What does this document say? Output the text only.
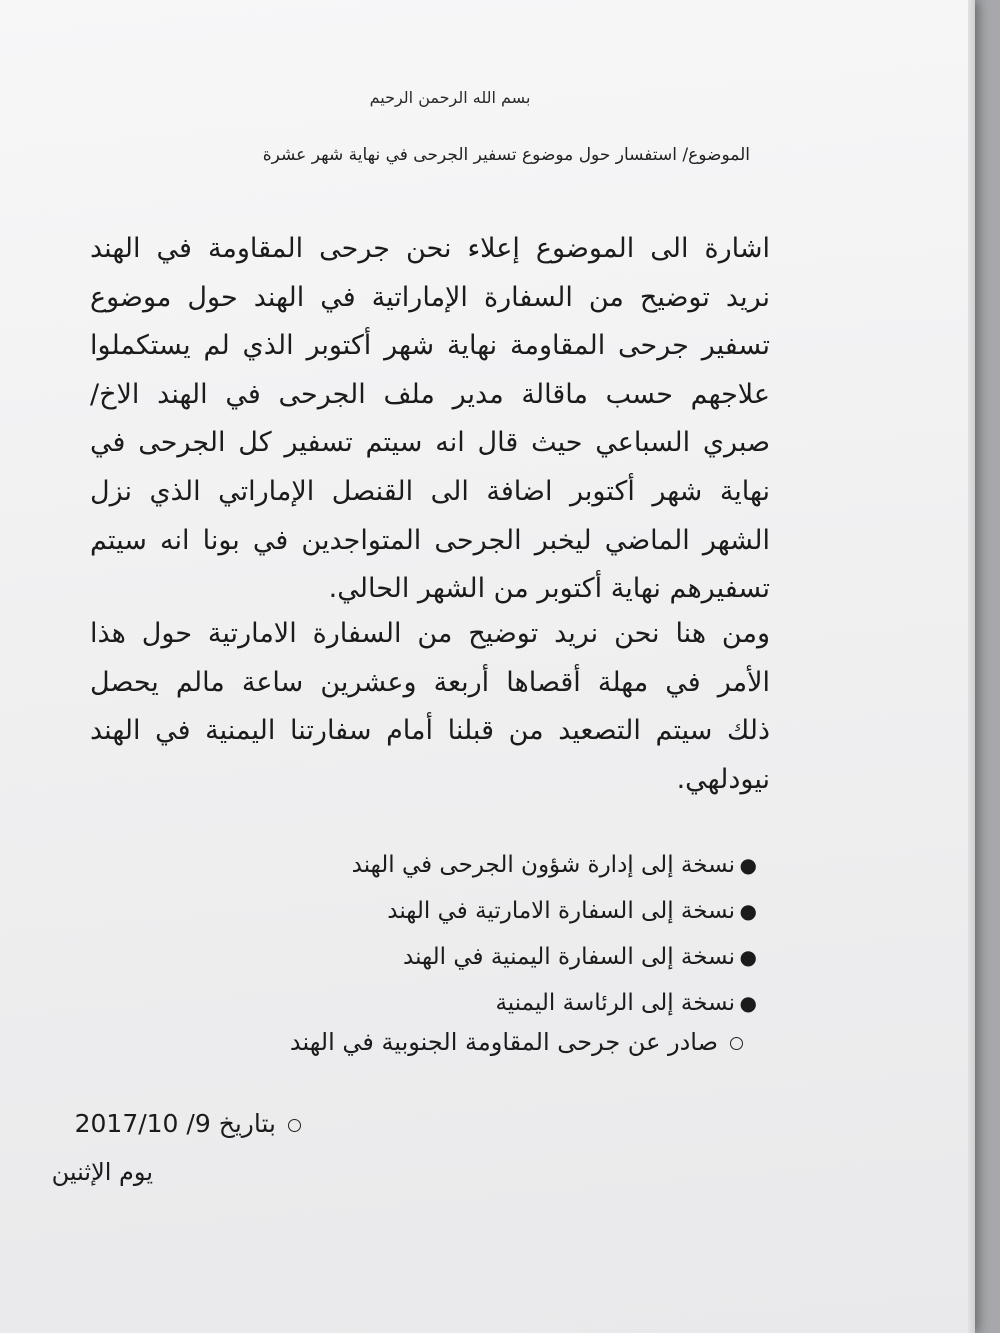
بسم الله الرحمن الرحيم
الموضوع/ استفسار حول موضوع تسفير الجرحى في نهاية شهر عشرة
اشارة الى الموضوع إعلاء نحن جرحى المقاومة في الهند
نريد توضيح من السفارة الإماراتية في الهند حول موضوع
تسفير جرحى المقاومة نهاية شهر أكتوبر الذي لم يستكملوا
علاجهم حسب ماقالة مدير ملف الجرحى في الهند الاخ/
صبري السباعي حيث قال انه سيتم تسفير كل الجرحى في
نهاية شهر أكتوبر اضافة الى القنصل الإماراتي الذي نزل
الشهر الماضي ليخبر الجرحى المتواجدين في بونا انه سيتم
تسفيرهم نهاية أكتوبر من الشهر الحالي.
ومن هنا نحن نريد توضيح من السفارة الامارتية حول هذا
الأمر في مهلة أقصاها أربعة وعشرين ساعة مالم يحصل
ذلك سيتم التصعيد من قبلنا أمام سفارتنا اليمنية في الهند
نيودلهي.
●
نسخة إلى إدارة شؤون الجرحى في الهند
●
نسخة إلى السفارة الامارتية في الهند
●
نسخة إلى السفارة اليمنية في الهند
●
نسخة إلى الرئاسة اليمنية
صادر عن جرحى المقاومة الجنوبية في الهند
بتاريخ 2017/10 /9
يوم الإثنين
